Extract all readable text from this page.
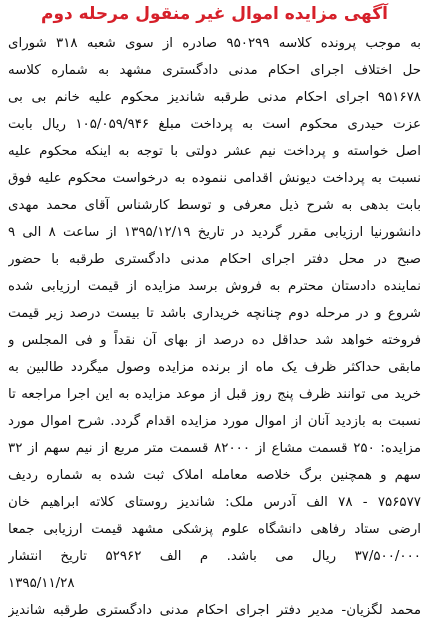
آگهی مزایده اموال غیر منقول مرحله دوم
به موجب پرونده کلاسه ۹۵۰۲۹۹ صادره از سوی شعبه ۳۱۸ شورای
حل اختلاف اجرای احکام مدنی دادگستری مشهد به شماره کلاسه
۹۵۱۶۷۸ اجرای احکام مدنی طرقبه شاندیز محکوم علیه خانم بی بی
عزت حیدری محکوم است به پرداخت مبلغ ۱۰۵/۰۵۹/۹۴۶ ریال بابت
اصل خواسته و پرداخت نیم عشر دولتی با توجه به اینکه محکوم علیه
نسبت به پرداخت دیونش اقدامی ننموده به درخواست محکوم علیه فوق
بابت بدهی به شرح ذیل معرفی و توسط کارشناس آقای محمد مهدی
دانشورنیا ارزیابی مقرر گردید در تاریخ ۱۳۹۵/۱۲/۱۹ از ساعت ۸ الی ۹
صبح در محل دفتر اجرای احکام مدنی دادگستری طرقبه با حضور
نماینده دادستان محترم به فروش برسد مزایده از قیمت ارزیابی شده
شروع و در مرحله دوم چنانچه خریداری باشد تا بیست درصد زیر قیمت
فروخته خواهد شد حداقل ده درصد از بهای آن نقداً و فی المجلس و
مابقی حداکثر ظرف یک ماه از برنده مزایده وصول میگردد طالبین به
خرید می توانند ظرف پنج روز قبل از موعد مزایده به این اجرا مراجعه تا
نسبت به بازدید آنان از اموال مورد مزایده اقدام گردد. شرح اموال مورد
مزایده: ۲۵۰ قسمت مشاع از ۸۲۰۰۰ قسمت متر مربع از نیم سهم از ۳۲
سهم و همچنین برگ خلاصه معامله املاک ثبت شده به شماره ردیف
۷۵۶۵۷۷ - ۷۸ الف آدرس ملک: شاندیز روستای کلاته ابراهیم خان
ارضی ستاد رفاهی دانشگاه علوم پزشکی مشهد قیمت ارزیابی جمعا
۳۷/۵۰۰/۰۰۰ ریال می باشد. م الف ۵۲۹۶۲ تاریخ انتشار
۱۳۹۵/۱۱/۲۸
محمد لگزیان- مدیر دفتر اجرای احکام مدنی دادگستری طرقبه شاندیز
